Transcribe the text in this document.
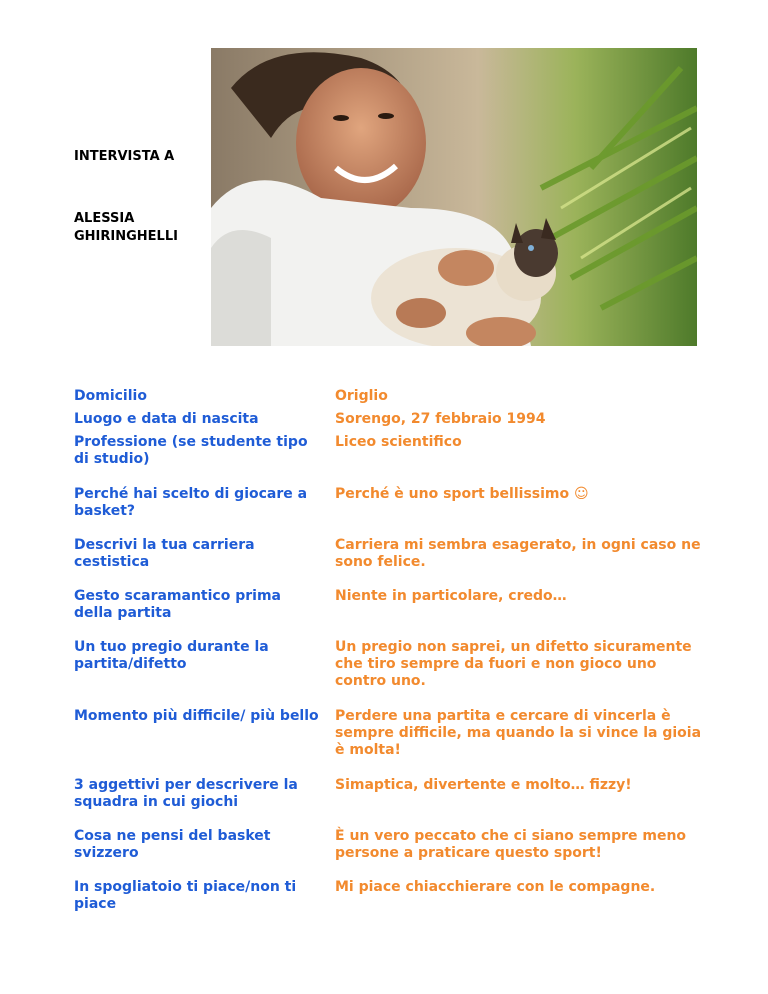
INTERVISTA A
ALESSIA
GHIRINGHELLI
Domicilio	Origlio
Luogo e data di nascita	Sorengo, 27 febbraio 1994
Professione (se studente tipo di studio)
Liceo scientifico
Perché hai scelto di giocare a basket?
Perché è uno sport bellissimo ☺
Descrivi la tua carriera cestistica
Carriera mi sembra esagerato, in ogni caso ne sono felice.
Gesto scaramantico prima della partita
Niente in particolare, credo…
Un tuo pregio durante la partita/difetto
Un pregio non saprei, un difetto sicuramente che tiro sempre da fuori e non gioco uno contro uno.
Momento più difficile/ più bello Perdere una partita e cercare di vincerla è sempre difficile, ma quando la si vince la gioia è molta!
3 aggettivi per descrivere la squadra in cui giochi
Simaptica, divertente e molto… fizzy!
Cosa ne pensi del basket svizzero
È un vero peccato che ci siano sempre meno persone a praticare questo sport!
In spogliatoio ti piace/non ti piace
Mi piace chiacchierare con le compagne.
